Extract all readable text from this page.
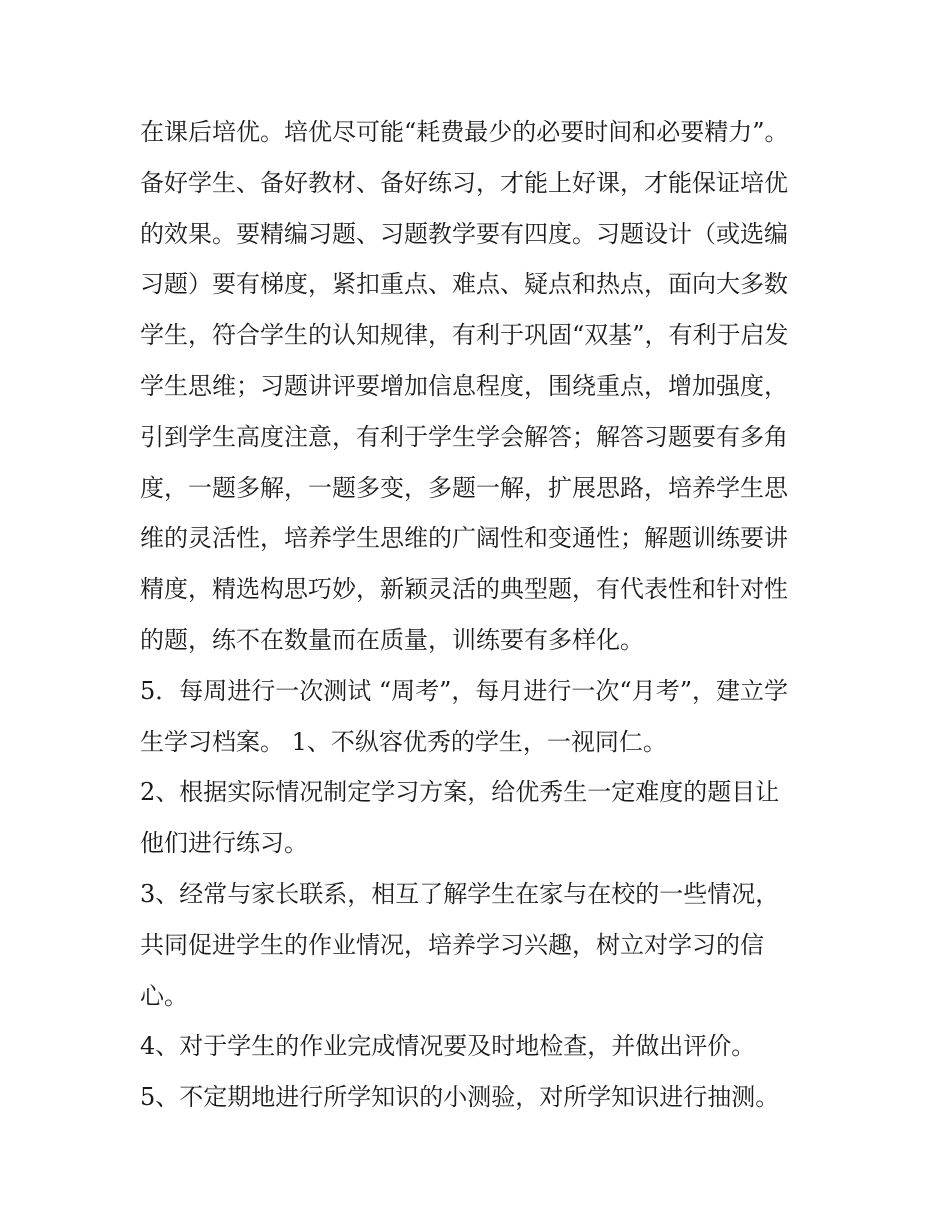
在课后培优。培优尽可能“耗费最少的必要时间和必要精力”。
备好学生、备好教材、备好练习，才能上好课，才能保证培优
的效果。要精编习题、习题教学要有四度。习题设计（或选编
习题）要有梯度，紧扣重点、难点、疑点和热点，面向大多数
学生，符合学生的认知规律，有利于巩固“双基”，有利于启发
学生思维；习题讲评要增加信息程度，围绕重点，增加强度，
引到学生高度注意，有利于学生学会解答；解答习题要有多角
度，一题多解，一题多变，多题一解，扩展思路，培养学生思
维的灵活性，培养学生思维的广阔性和变通性；解题训练要讲
精度，精选构思巧妙，新颖灵活的典型题，有代表性和针对性
的题，练不在数量而在质量，训练要有多样化。
5．每周进行一次测试 “周考”，每月进行一次“月考”，建立学
生学习档案。 1、不纵容优秀的学生，一视同仁。
2、根据实际情况制定学习方案，给优秀生一定难度的题目让
他们进行练习。
3、经常与家长联系，相互了解学生在家与在校的一些情况，
共同促进学生的作业情况，培养学习兴趣，树立对学习的信
心。
4、对于学生的作业完成情况要及时地检查，并做出评价。
5、不定期地进行所学知识的小测验，对所学知识进行抽测。
